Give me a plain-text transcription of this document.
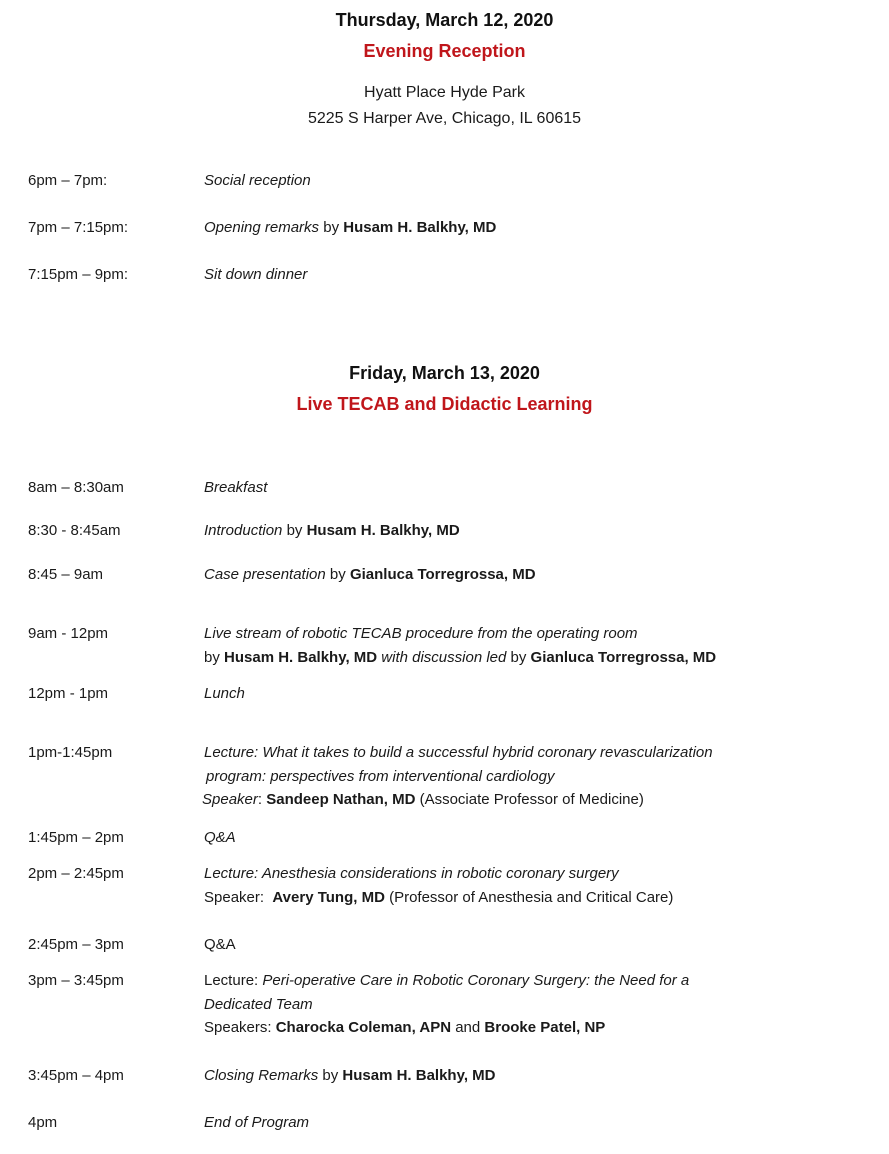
Thursday, March 12, 2020
Evening Reception
Hyatt Place Hyde Park
5225 S Harper Ave, Chicago, IL 60615
6pm – 7pm:	Social reception
7pm – 7:15pm:	Opening remarks by Husam H. Balkhy, MD
7:15pm – 9pm:	Sit down dinner
Friday, March 13, 2020
Live TECAB and Didactic Learning
8am – 8:30am	Breakfast
8:30 - 8:45am	Introduction by Husam H. Balkhy, MD
8:45 – 9am	Case presentation by Gianluca Torregrossa, MD
9am - 12pm	Live stream of robotic TECAB procedure from the operating room
by Husam H. Balkhy, MD with discussion led by Gianluca Torregrossa, MD
12pm - 1pm	Lunch
1pm-1:45pm	Lecture: What it takes to build a successful hybrid coronary revascularization
program: perspectives from interventional cardiology
Speaker: Sandeep Nathan, MD (Associate Professor of Medicine)
1:45pm – 2pm	Q&A
2pm – 2:45pm	Lecture: Anesthesia considerations in robotic coronary surgery
Speaker: Avery Tung, MD (Professor of Anesthesia and Critical Care)
2:45pm – 3pm	Q&A
3pm – 3:45pm	Lecture: Peri-operative Care in Robotic Coronary Surgery: the Need for a
Dedicated Team
Speakers: Charocka Coleman, APN and Brooke Patel, NP
3:45pm – 4pm	Closing Remarks by Husam H. Balkhy, MD
4pm	End of Program
